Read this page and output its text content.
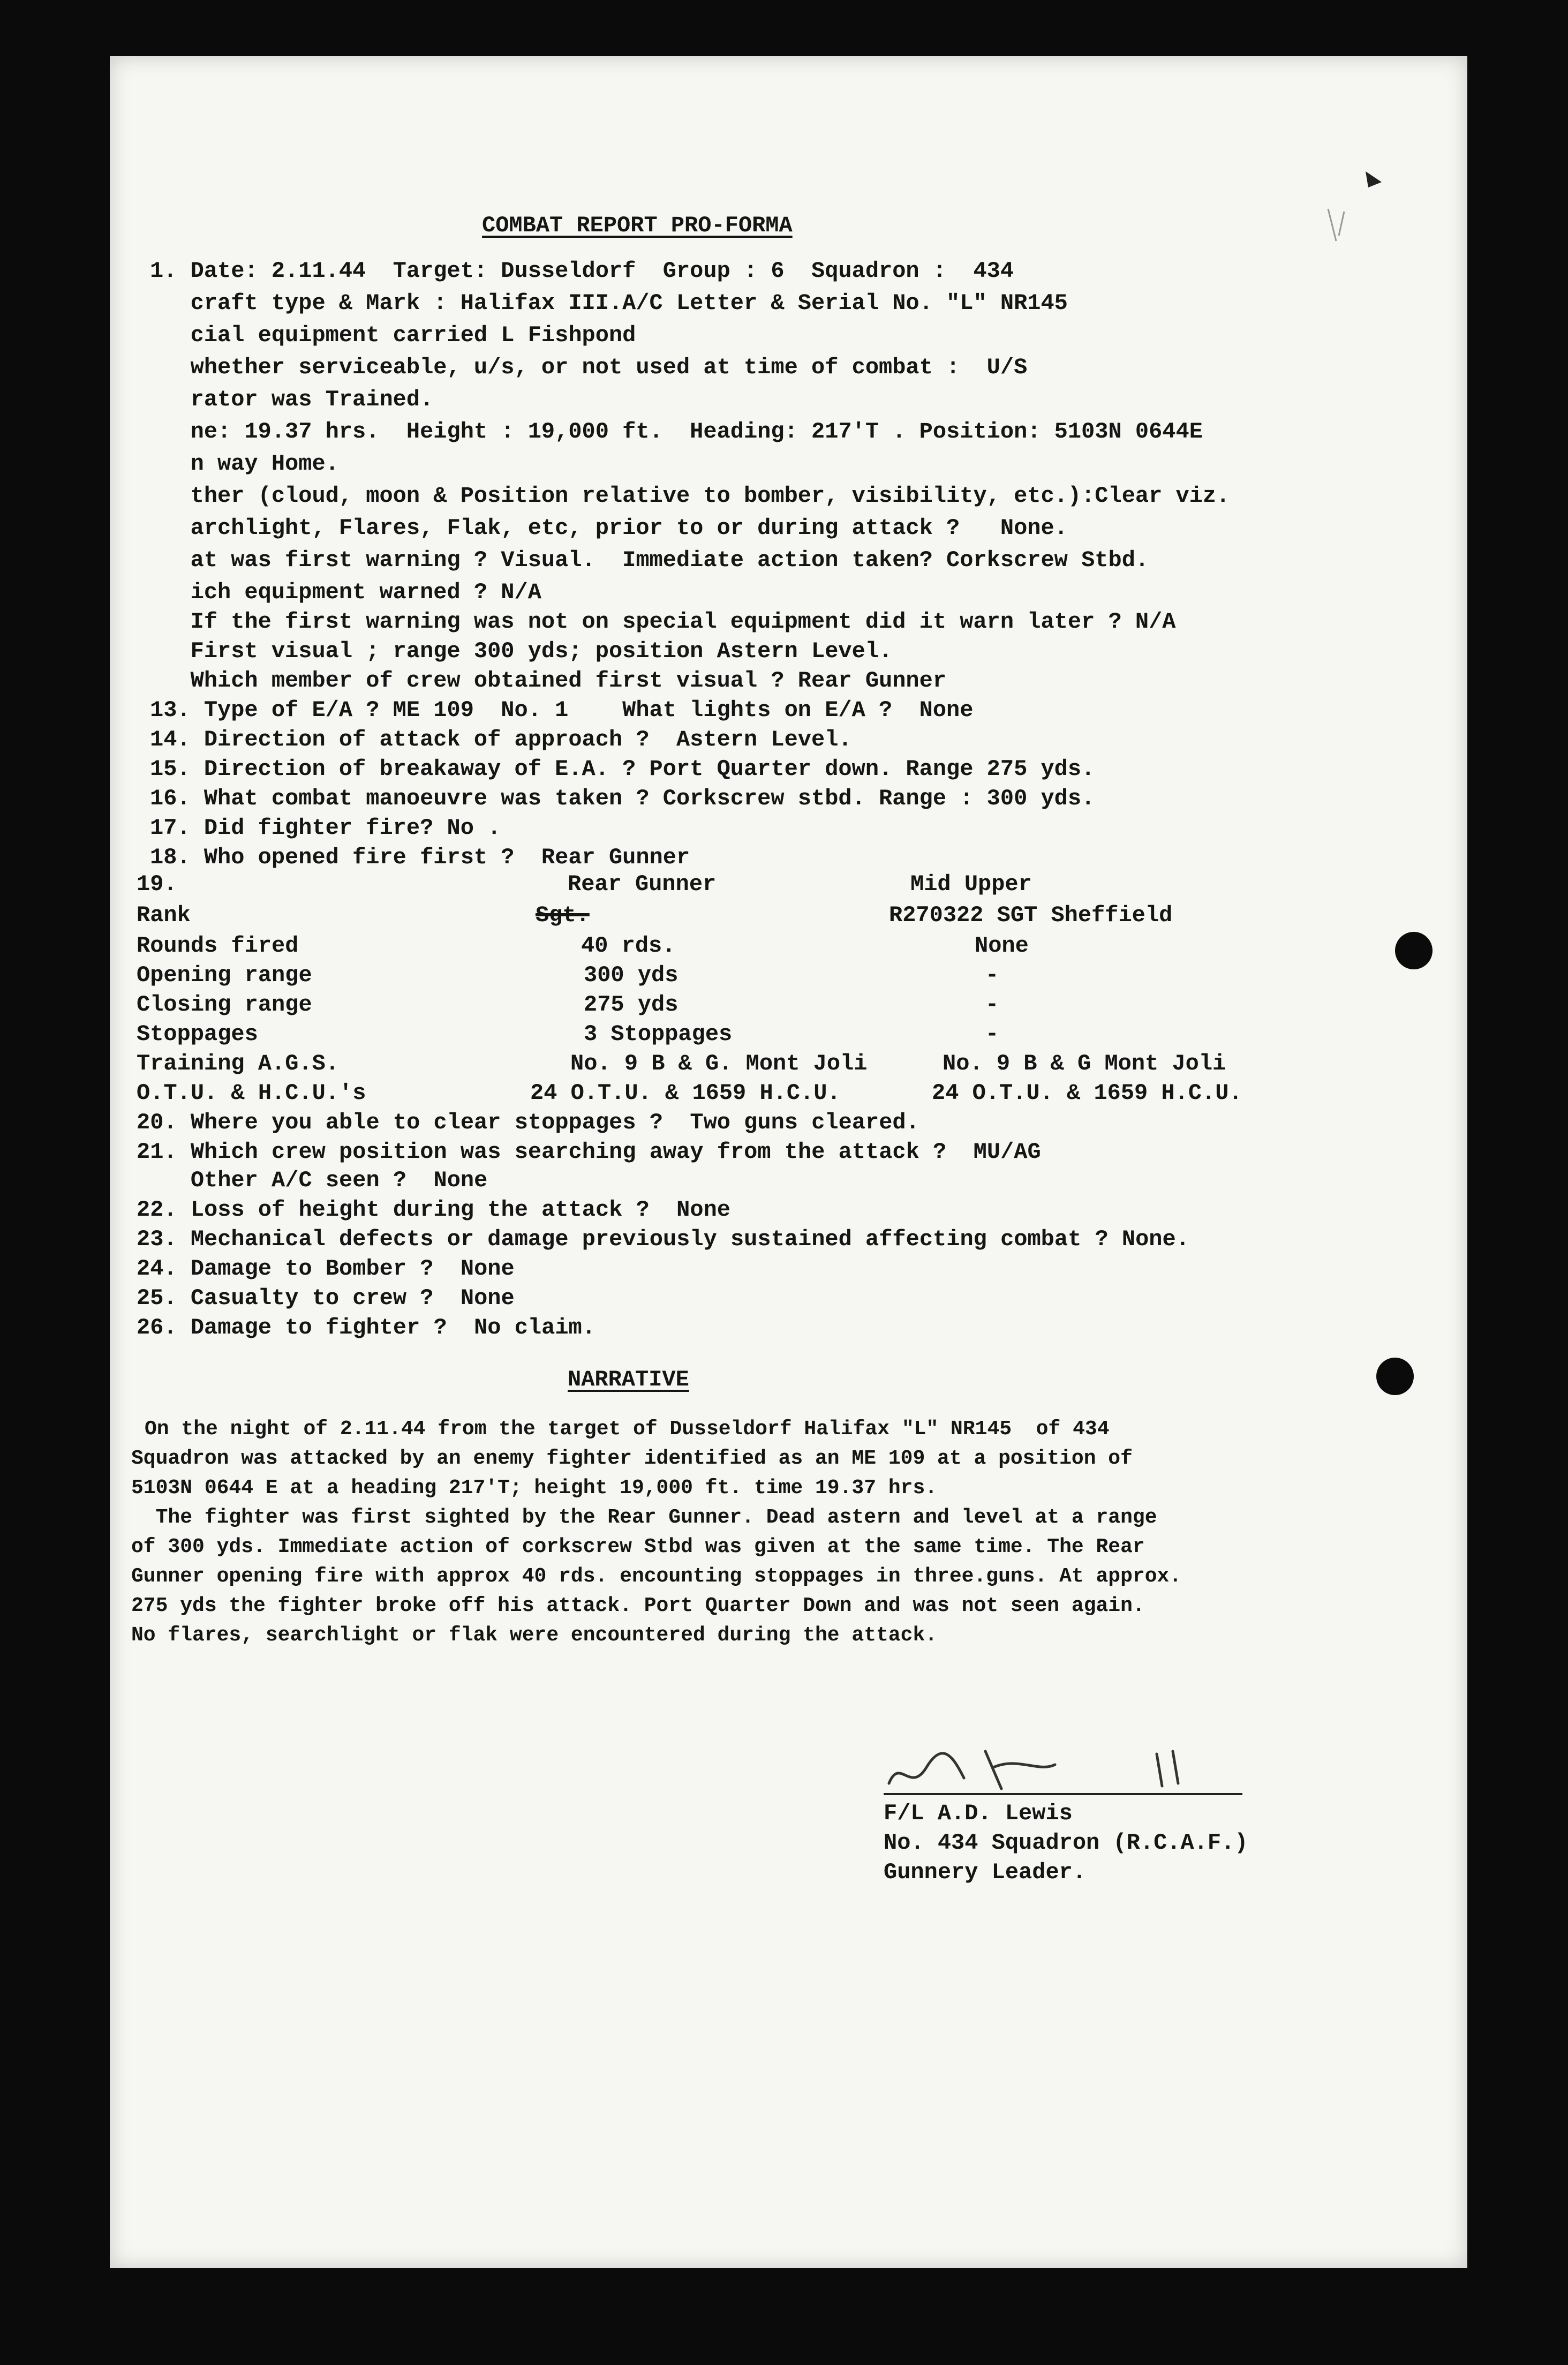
COMBAT REPORT PRO-FORMA
1. Date: 2.11.44  Target: Dusseldorf  Group : 6  Squadron :  434
craft type & Mark : Halifax III.A/C Letter & Serial No. "L" NR145
cial equipment carried L Fishpond
whether serviceable, u/s, or not used at time of combat :  U/S
rator was Trained.
ne: 19.37 hrs.  Height : 19,000 ft.  Heading: 217'T . Position: 5103N 0644E
n way Home.
ther (cloud, moon & Position relative to bomber, visibility, etc.):Clear viz.
archlight, Flares, Flak, etc, prior to or during attack ?   None.
at was first warning ? Visual.  Immediate action taken? Corkscrew Stbd.
ich equipment warned ? N/A
If the first warning was not on special equipment did it warn later ? N/A
First visual ; range 300 yds; position Astern Level.
Which member of crew obtained first visual ? Rear Gunner
13. Type of E/A ? ME 109  No. 1    What lights on E/A ?  None
14. Direction of attack of approach ?  Astern Level.
15. Direction of breakaway of E.A. ? Port Quarter down. Range 275 yds.
16. What combat manoeuvre was taken ? Corkscrew stbd. Range : 300 yds.
17. Did fighter fire? No .
18. Who opened fire first ?  Rear Gunner
19.	Rear Gunner	Mid Upper
Rank	Sgt.	R270322 SGT Sheffield
Rounds fired	40 rds.	None
Opening range	300 yds	-
Closing range	275 yds	-
Stoppages	3 Stoppages	-
Training A.G.S.	No. 9 B & G. Mont Joli	No. 9 B & G Mont Joli
O.T.U. & H.C.U.'s	24 O.T.U. & 1659 H.C.U.	24 O.T.U. & 1659 H.C.U.
20. Where you able to clear stoppages ?  Two guns cleared.
21. Which crew position was searching away from the attack ?  MU/AG
Other A/C seen ?  None
22. Loss of height during the attack ?  None
23. Mechanical defects or damage previously sustained affecting combat ? None.
24. Damage to Bomber ?  None
25. Casualty to crew ?  None
26. Damage to fighter ?  No claim.
NARRATIVE
On the night of 2.11.44 from the target of Dusseldorf Halifax "L" NR145  of 434
Squadron was attacked by an enemy fighter identified as an ME 109 at a position of
5103N 0644 E at a heading 217'T; height 19,000 ft. time 19.37 hrs.
The fighter was first sighted by the Rear Gunner. Dead astern and level at a range
of 300 yds. Immediate action of corkscrew Stbd was given at the same time. The Rear
Gunner opening fire with approx 40 rds. encounting stoppages in three.guns. At approx.
275 yds the fighter broke off his attack. Port Quarter Down and was not seen again.
No flares, searchlight or flak were encountered during the attack.
F/L A.D. Lewis
No. 434 Squadron (R.C.A.F.)
Gunnery Leader.
